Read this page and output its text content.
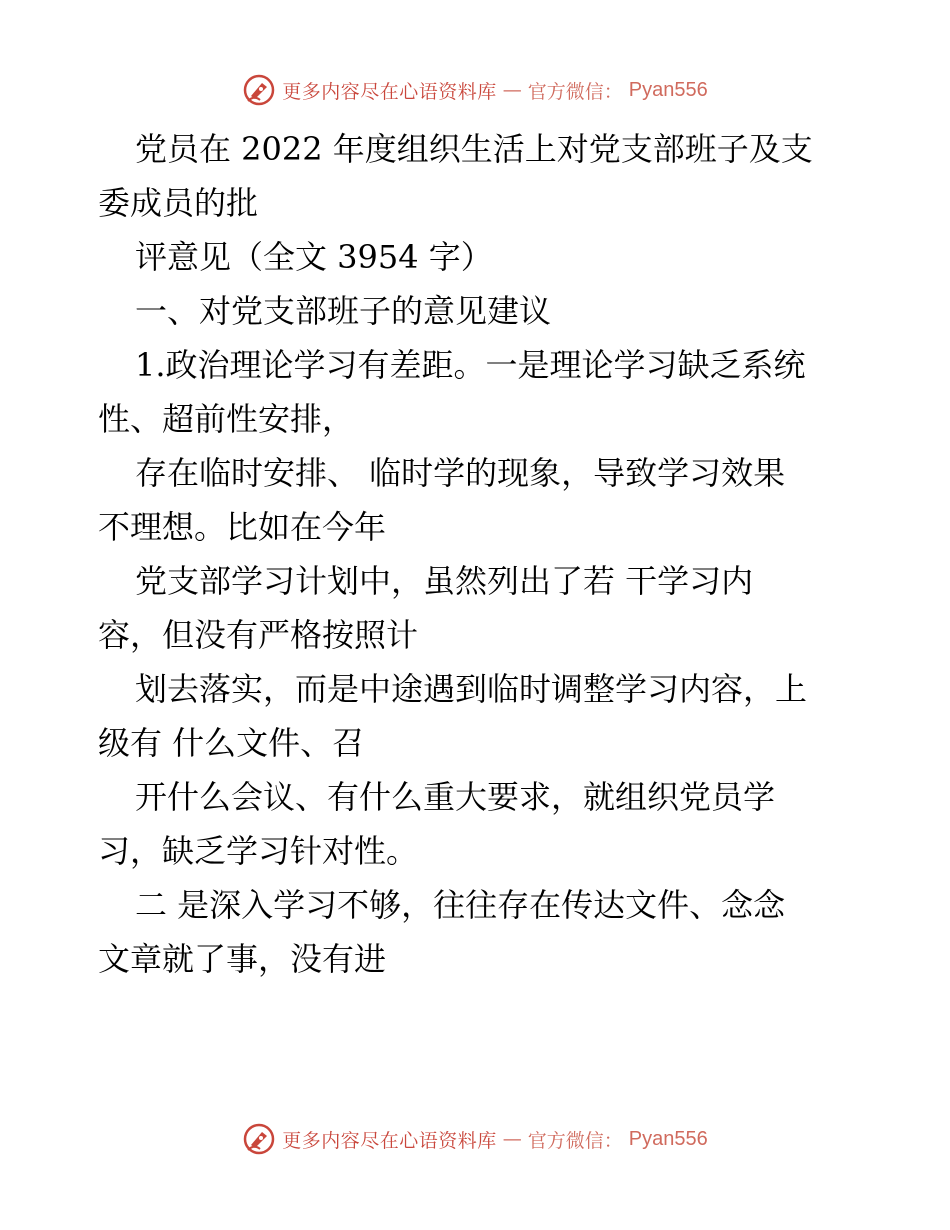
更多内容尽在心语资料库 — 官方微信： Pyan556
党员在 2022 年度组织生活上对党支部班子及支
委成员的批
评意见（全文 3954 字）
一、对党支部班子的意见建议
1.政治理论学习有差距。一是理论学习缺乏系统
性、超前性安排，
存在临时安排、 临时学的现象，导致学习效果
不理想。比如在今年
党支部学习计划中，虽然列出了若 干学习内
容，但没有严格按照计
划去落实，而是中途遇到临时调整学习内容，上
级有 什么文件、召
开什么会议、有什么重大要求，就组织党员学
习，缺乏学习针对性。
二 是深入学习不够，往往存在传达文件、念念
文章就了事，没有进
更多内容尽在心语资料库 — 官方微信： Pyan556
